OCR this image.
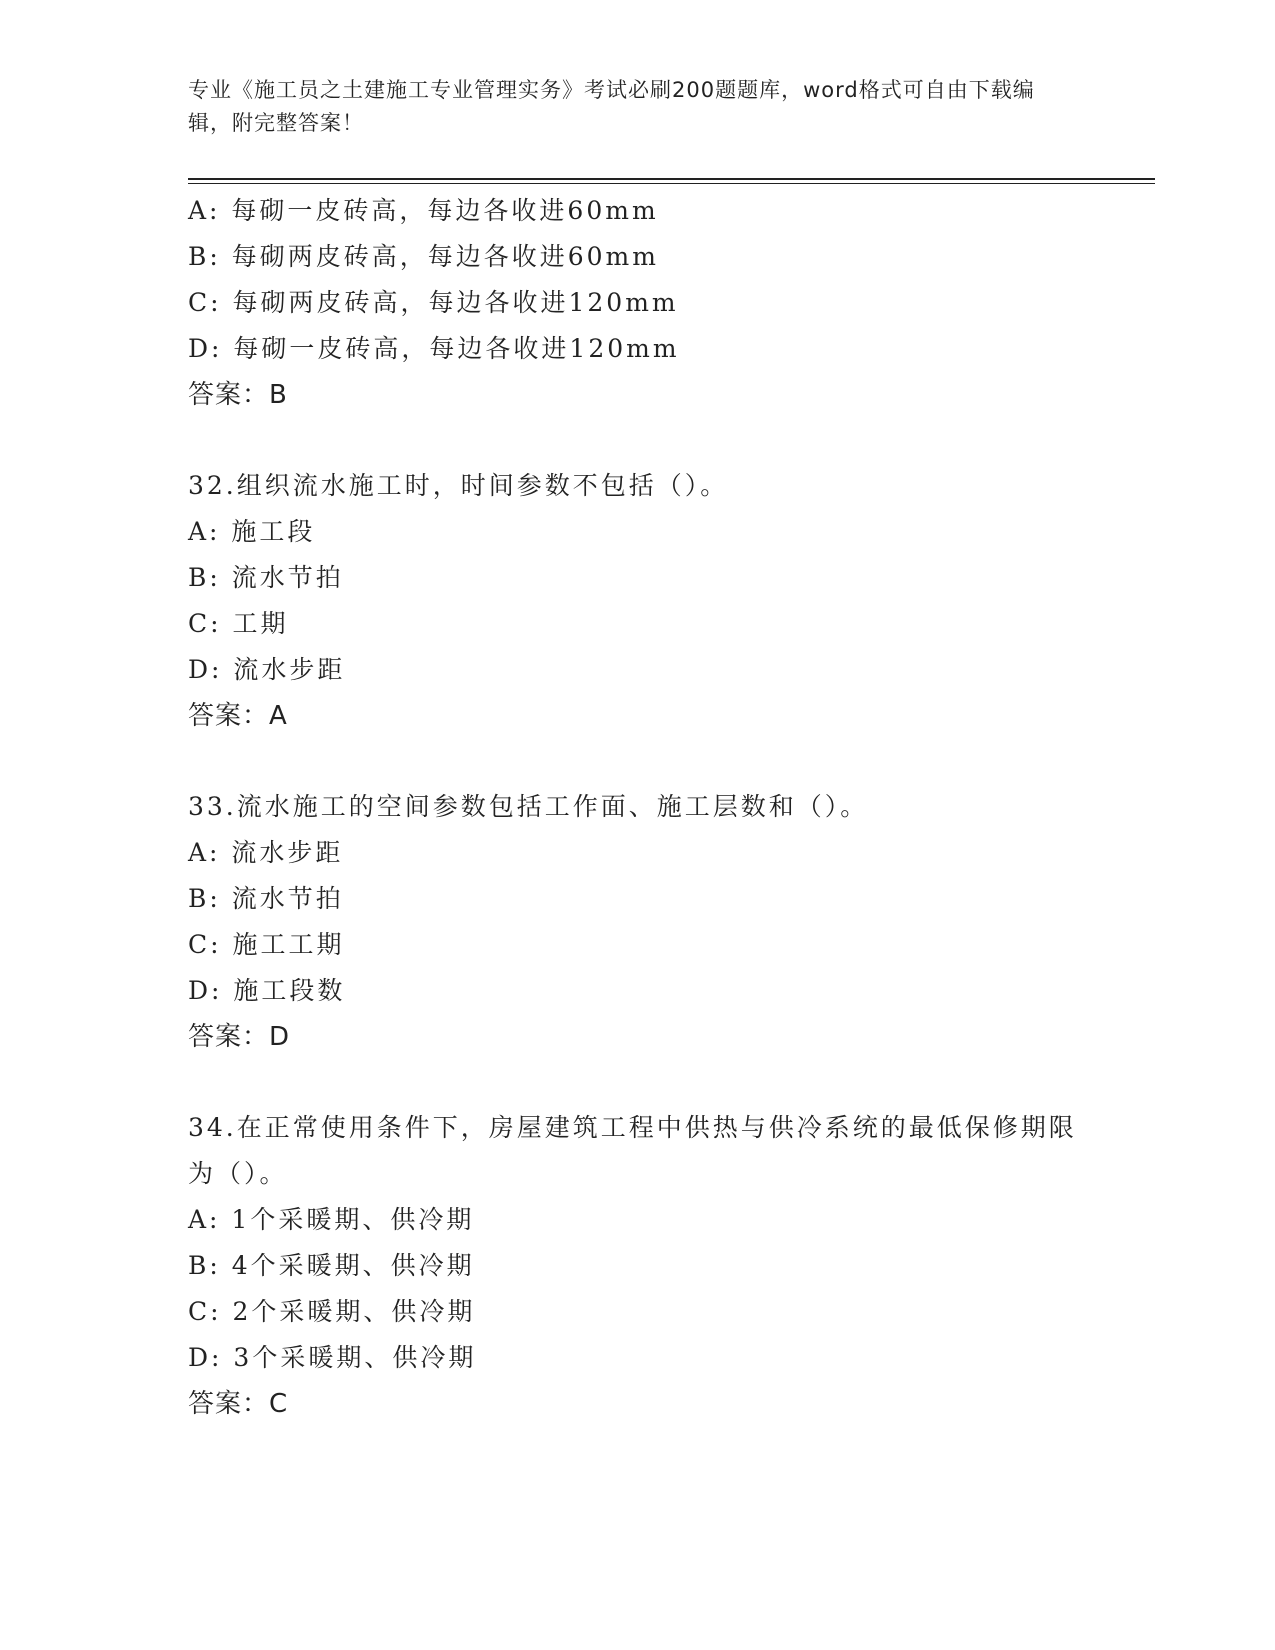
专业《施工员之土建施工专业管理实务》考试必刷200题题库，word格式可自由下载编辑，附完整答案！
A: 每砌一皮砖高，每边各收进60mm
B: 每砌两皮砖高，每边各收进60mm
C: 每砌两皮砖高，每边各收进120mm
D: 每砌一皮砖高，每边各收进120mm
答案：B
32.组织流水施工时，时间参数不包括（）。
A: 施工段
B: 流水节拍
C: 工期
D: 流水步距
答案：A
33.流水施工的空间参数包括工作面、施工层数和（）。
A: 流水步距
B: 流水节拍
C: 施工工期
D: 施工段数
答案：D
34.在正常使用条件下，房屋建筑工程中供热与供冷系统的最低保修期限为（）。
A: 1个采暖期、供冷期
B: 4个采暖期、供冷期
C: 2个采暖期、供冷期
D: 3个采暖期、供冷期
答案：C
